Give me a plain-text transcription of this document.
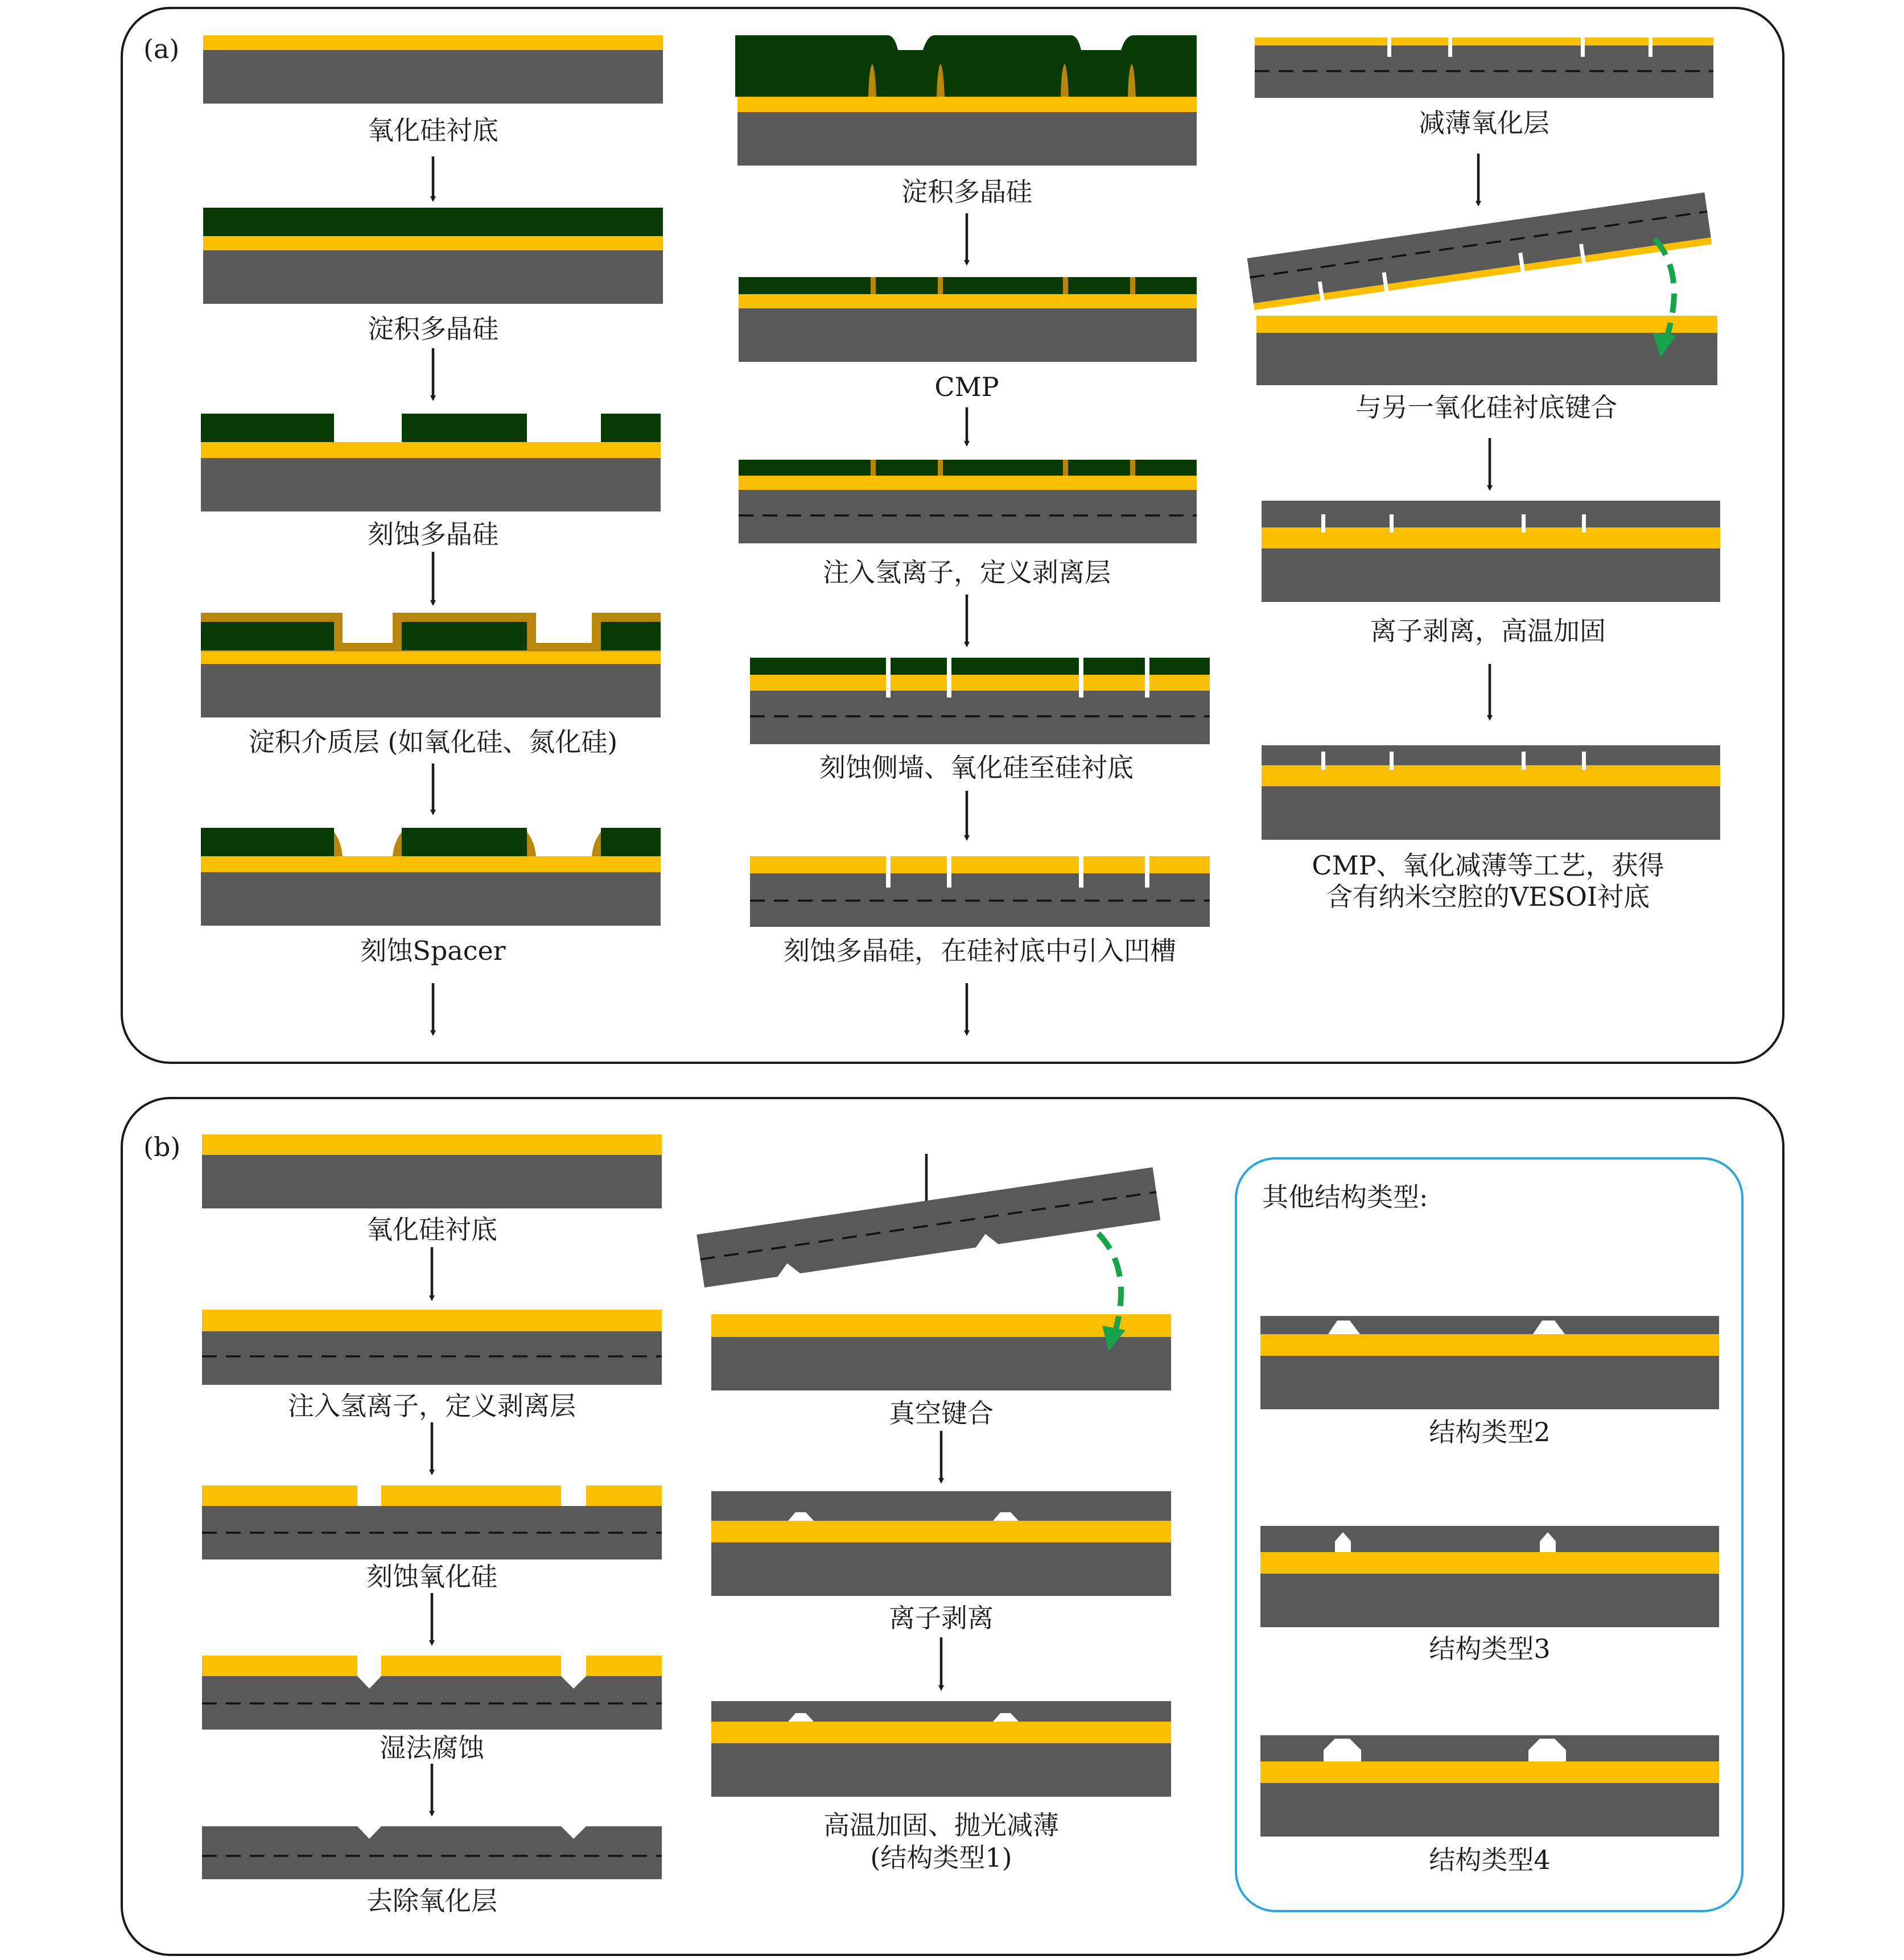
(a)
氧化硅衬底
淀积多晶硅
刻蚀多晶硅
淀积介质层 (如氧化硅、氮化硅)
刻蚀Spacer
淀积多晶硅
CMP
注入氢离子，定义剥离层
刻蚀侧墙、氧化硅至硅衬底
刻蚀多晶硅，在硅衬底中引入凹槽
减薄氧化层
与另一氧化硅衬底键合
离子剥离，高温加固
CMP、氧化减薄等工艺，获得
含有纳米空腔的VESOI衬底
(b)
氧化硅衬底
注入氢离子，定义剥离层
刻蚀氧化硅
湿法腐蚀
去除氧化层
真空键合
离子剥离
高温加固、抛光减薄
(结构类型1)
其他结构类型:
结构类型2
结构类型3
结构类型4
